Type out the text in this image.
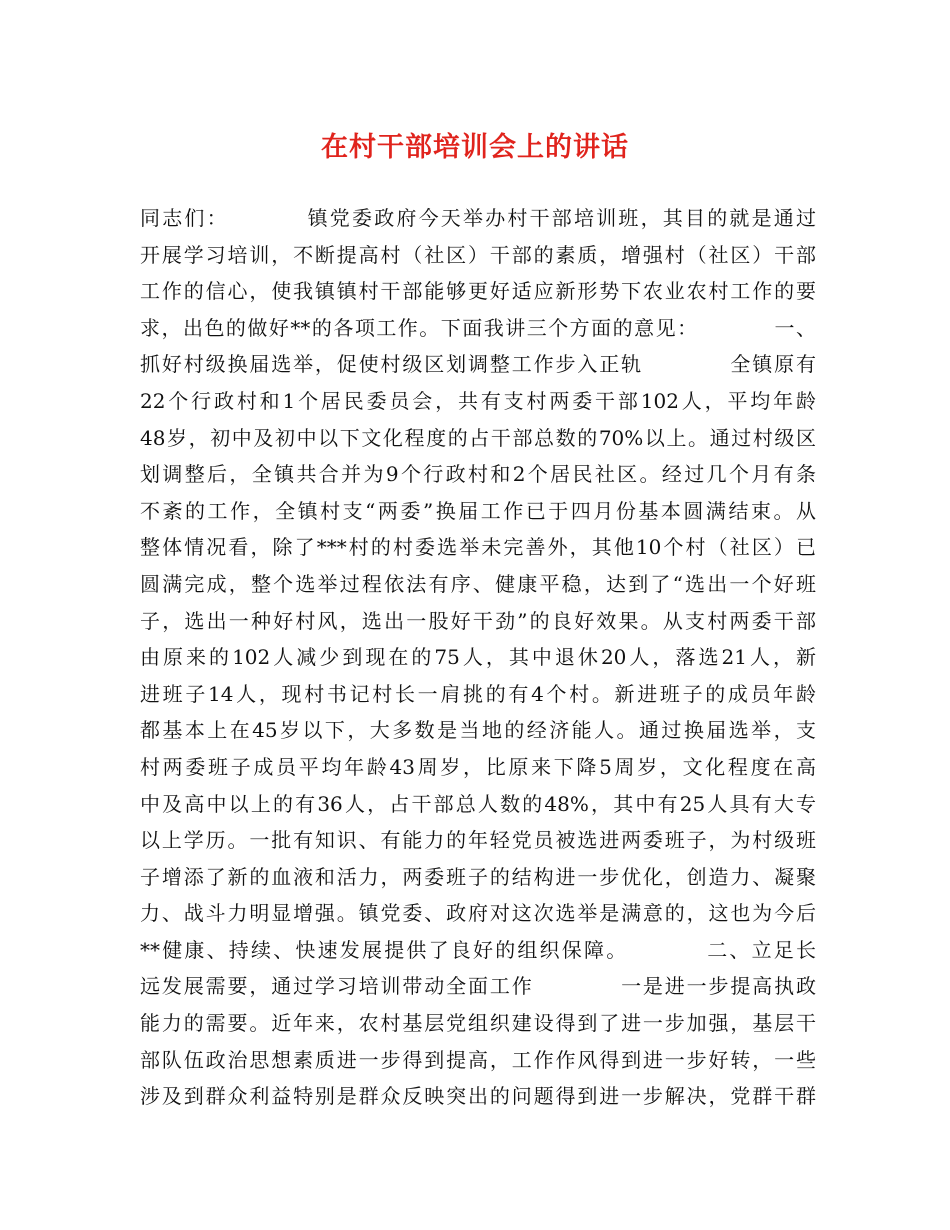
在村干部培训会上的讲话
同志们：　　　　镇党委政府今天举办村干部培训班，其目的就是通过
开展学习培训，不断提高村（社区）干部的素质，增强村（社区）干部
工作的信心，使我镇镇村干部能够更好适应新形势下农业农村工作的要
求，出色的做好**的各项工作。下面我讲三个方面的意见：　　　　一、
抓好村级换届选举，促使村级区划调整工作步入正轨　　　　全镇原有
22个行政村和1个居民委员会，共有支村两委干部102人，平均年龄
48岁，初中及初中以下文化程度的占干部总数的70%以上。通过村级区
划调整后，全镇共合并为9个行政村和2个居民社区。经过几个月有条
不紊的工作，全镇村支“两委”换届工作已于四月份基本圆满结束。从
整体情况看，除了***村的村委选举未完善外，其他10个村（社区）已
圆满完成，整个选举过程依法有序、健康平稳，达到了“选出一个好班
子，选出一种好村风，选出一股好干劲”的良好效果。从支村两委干部
由原来的102人减少到现在的75人，其中退休20人，落选21人，新
进班子14人，现村书记村长一肩挑的有4个村。新进班子的成员年龄
都基本上在45岁以下，大多数是当地的经济能人。通过换届选举，支
村两委班子成员平均年龄43周岁，比原来下降5周岁，文化程度在高
中及高中以上的有36人，占干部总人数的48%，其中有25人具有大专
以上学历。一批有知识、有能力的年轻党员被选进两委班子，为村级班
子增添了新的血液和活力，两委班子的结构进一步优化，创造力、凝聚
力、战斗力明显增强。镇党委、政府对这次选举是满意的，这也为今后
**健康、持续、快速发展提供了良好的组织保障。　　　　二、立足长
远发展需要，通过学习培训带动全面工作　　　　一是进一步提高执政
能力的需要。近年来，农村基层党组织建设得到了进一步加强，基层干
部队伍政治思想素质进一步得到提高，工作作风得到进一步好转，一些
涉及到群众利益特别是群众反映突出的问题得到进一步解决，党群干群
